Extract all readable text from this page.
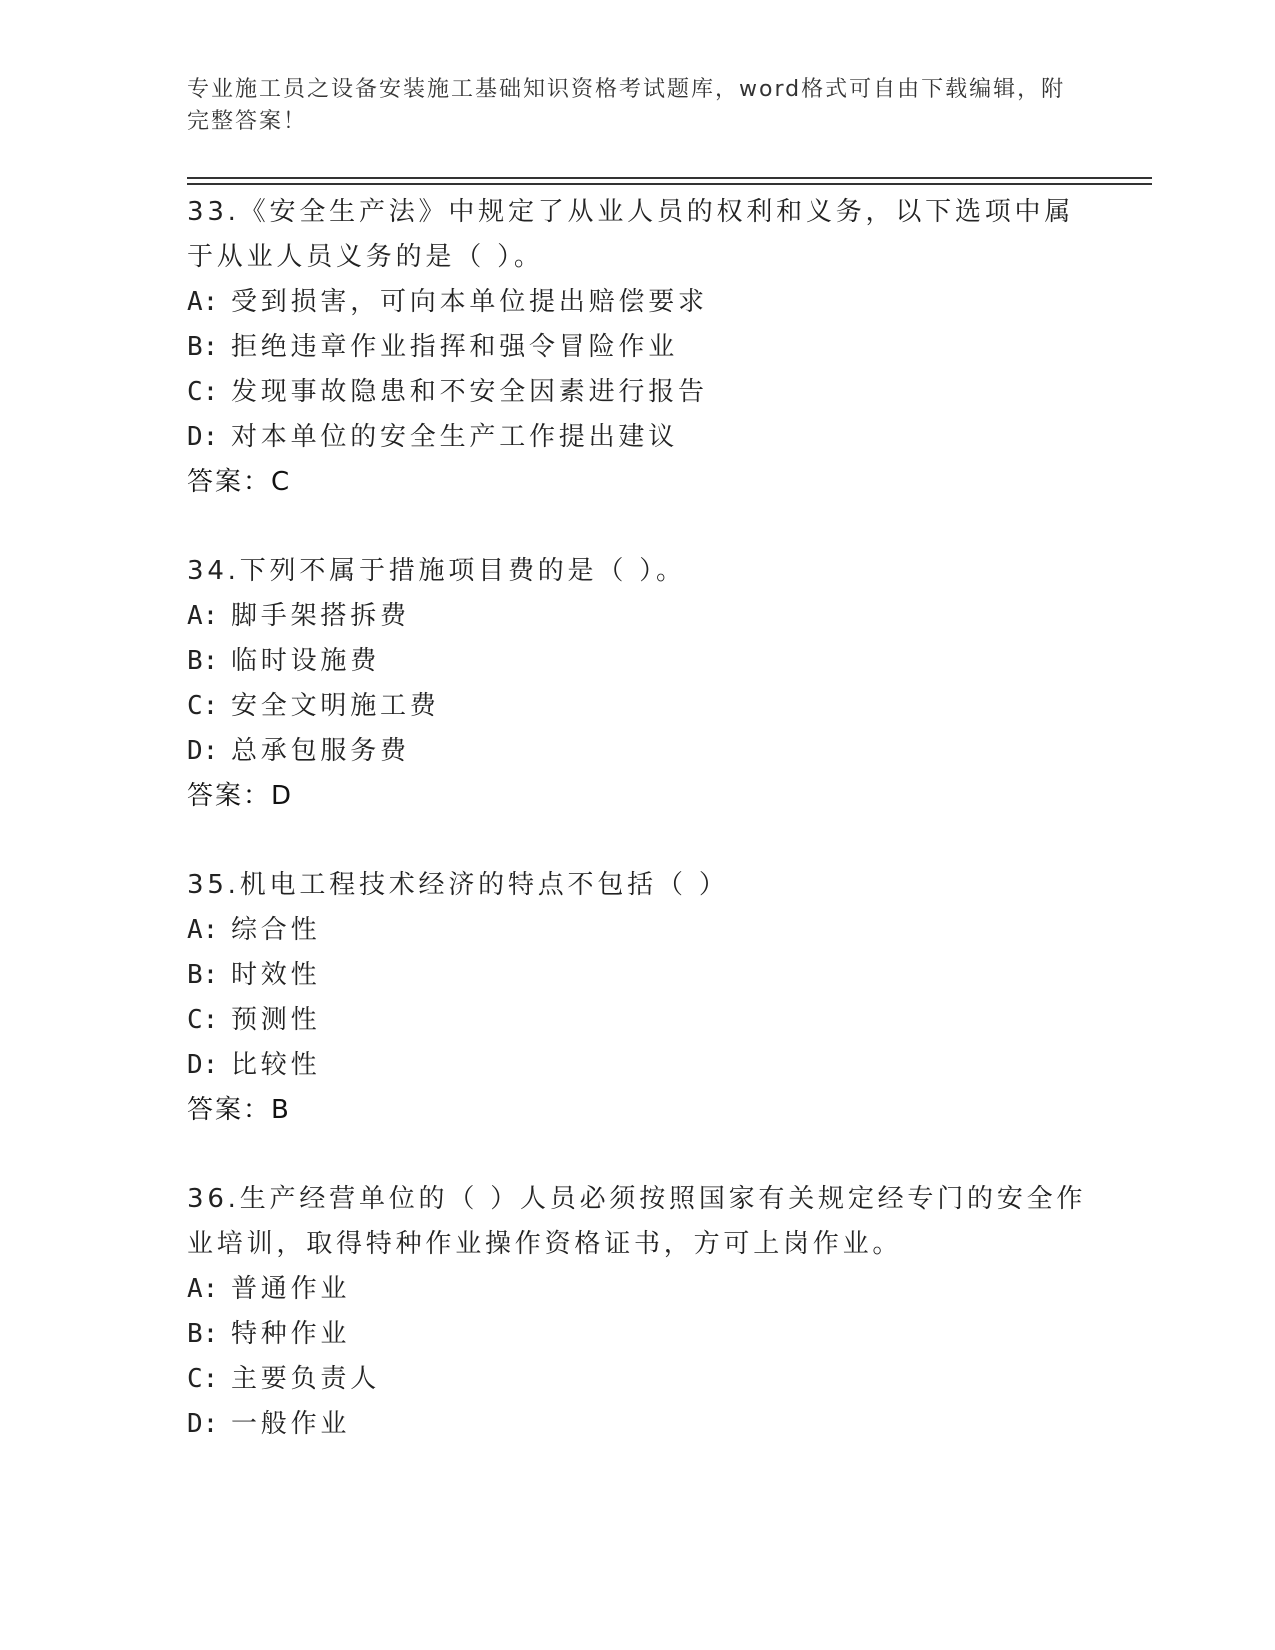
专业施工员之设备安装施工基础知识资格考试题库，word格式可自由下载编辑，附完整答案！
33.《安全生产法》中规定了从业人员的权利和义务，以下选项中属于从业人员义务的是（ ）。
A: 受到损害，可向本单位提出赔偿要求
B: 拒绝违章作业指挥和强令冒险作业
C: 发现事故隐患和不安全因素进行报告
D: 对本单位的安全生产工作提出建议
答案：C
34.下列不属于措施项目费的是（ ）。
A: 脚手架搭拆费
B: 临时设施费
C: 安全文明施工费
D: 总承包服务费
答案：D
35.机电工程技术经济的特点不包括（ ）
A: 综合性
B: 时效性
C: 预测性
D: 比较性
答案：B
36.生产经营单位的（ ）人员必须按照国家有关规定经专门的安全作业培训，取得特种作业操作资格证书，方可上岗作业。
A: 普通作业
B: 特种作业
C: 主要负责人
D: 一般作业
